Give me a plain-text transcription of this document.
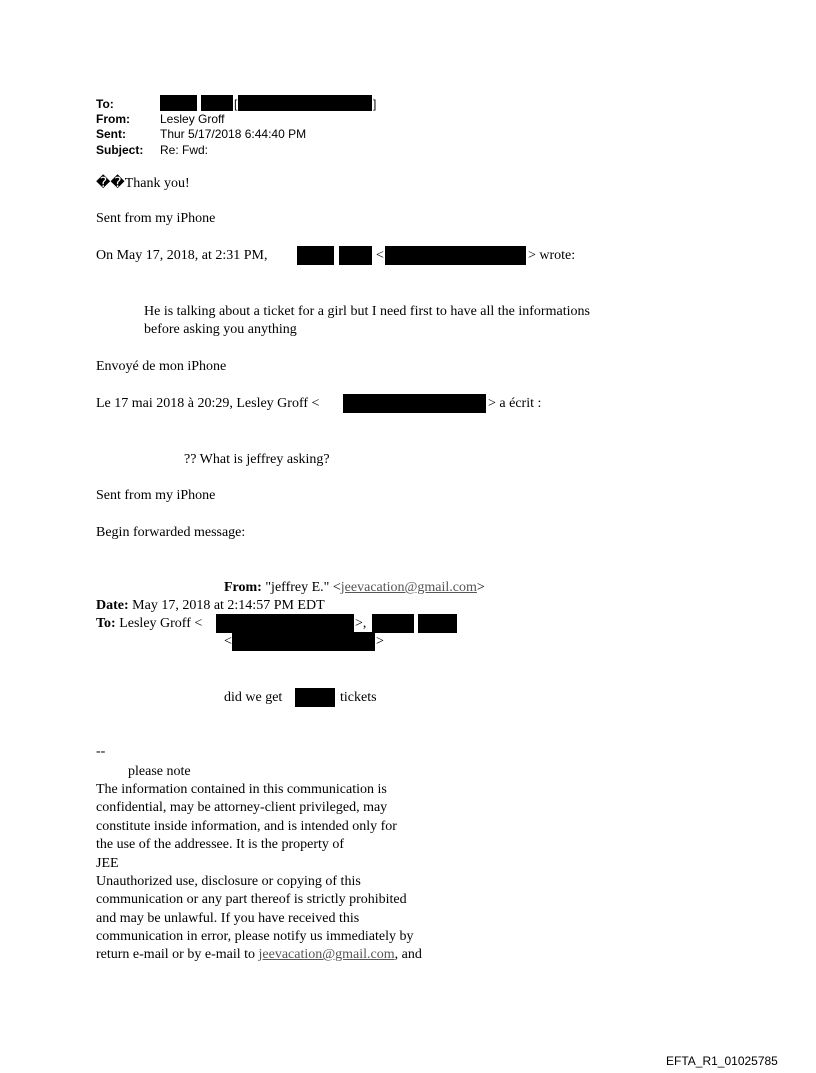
To:	[	]
From:	Lesley Groff
Sent:	Thur 5/17/2018 6:44:40 PM
Subject: Re: Fwd:
��Thank you!
Sent from my iPhone
On May 17, 2018, at 2:31 PM,	<	> wrote:
He is talking about a ticket for a girl but I need first to have all the informations
before asking you anything
Envoyé de mon iPhone
Le 17 mai 2018 à 20:29, Lesley Groff <	> a écrit :
?? What is jeffrey asking?
Sent from my iPhone
Begin forwarded message:
From: "jeffrey E." <jeevacation@gmail.com>
Date: May 17, 2018 at 2:14:57 PM EDT
To: Lesley Groff <	>,
<	>
did we get	tickets
--
please note
The information contained in this communication is
confidential, may be attorney-client privileged, may
constitute inside information, and is intended only for
the use of the addressee. It is the property of
JEE
Unauthorized use, disclosure or copying of this
communication or any part thereof is strictly prohibited
and may be unlawful. If you have received this
communication in error, please notify us immediately by
return e-mail or by e-mail to jeevacation@gmail.com, and
EFTA_R1_01025785
